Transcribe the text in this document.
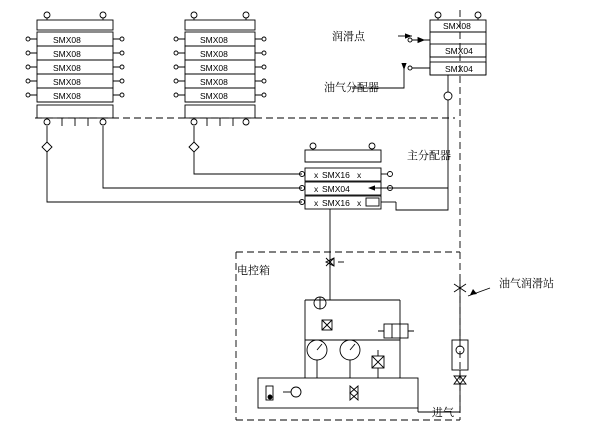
SMX08
SMX08
SMX08
SMX08
SMX08
SMX08
SMX08
SMX08
SMX08
SMX08
SMX08
SMX04
SMX04
SMX16
SMX04
SMX16
x
x
x
x
x
润滑点
油气分配器
主分配器
电控箱
油气润滑站
进气
